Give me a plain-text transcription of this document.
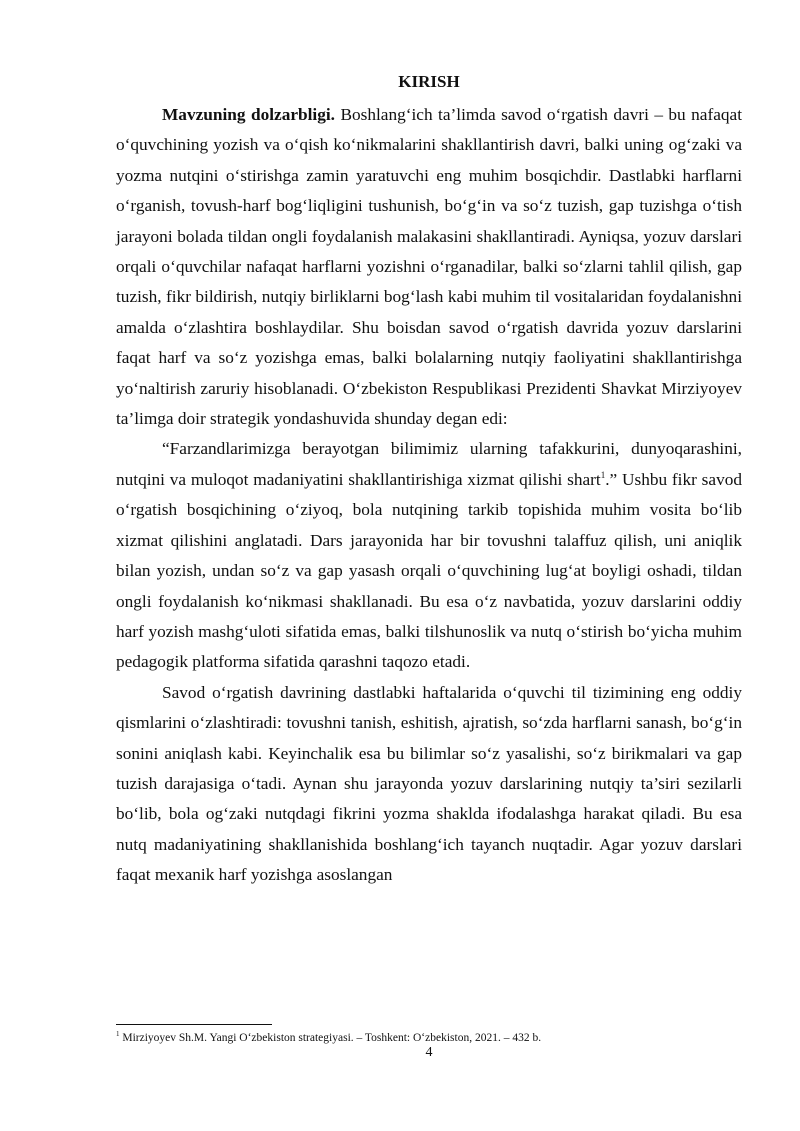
KIRISH

Mavzuning dolzarbligi. Boshlang‘ich ta’limda savod o‘rgatish davri – bu nafaqat o‘quvchining yozish va o‘qish ko‘nikmalarini shakllantirish davri, balki uning og‘zaki va yozma nutqini o‘stirishga zamin yaratuvchi eng muhim bosqichdir. Dastlabki harflarni o‘rganish, tovush-harf bog‘liqligini tushunish, bo‘g‘in va so‘z tuzish, gap tuzishga o‘tish jarayoni bolada tildan ongli foydalanish malakasini shakllantiradi. Ayniqsa, yozuv darslari orqali o‘quvchilar nafaqat harflarni yozishni o‘rganadilar, balki so‘zlarni tahlil qilish, gap tuzish, fikr bildirish, nutqiy birliklarni bog‘lash kabi muhim til vositalaridan foydalanishni amalda o‘zlashtira boshlaydilar. Shu boisdan savod o‘rgatish davrida yozuv darslarini faqat harf va so‘z yozishga emas, balki bolalarning nutqiy faoliyatini shakllantirishga yo‘naltirish zaruriy hisoblanadi. O‘zbekiston Respublikasi Prezidenti Shavkat Mirziyoyev ta’limga doir strategik yondashuvida shunday degan edi:

“Farzandlarimizga berayotgan bilimimiz ularning tafakkurini, dunyoqarashini, nutqini va muloqot madaniyatini shakllantirishiga xizmat qilishi shart$^1$.” Ushbu fikr savod o‘rgatish bosqichining o‘ziyoq, bola nutqining tarkib topishida muhim vosita bo‘lib xizmat qilishini anglatadi. Dars jarayonida har bir tovushni talaffuz qilish, uni aniqlik bilan yozish, undan so‘z va gap yasash orqali o‘quvchining lug‘at boyligi oshadi, tildan ongli foydalanish ko‘nikmasi shakllanadi. Bu esa o‘z navbatida, yozuv darslarini oddiy harf yozish mashg‘uloti sifatida emas, balki tilshunoslik va nutq o‘stirish bo‘yicha muhim pedagogik platforma sifatida qarashni taqozo etadi.

Savod o‘rgatish davrining dastlabki haftalarida o‘quvchi til tizimining eng oddiy qismlarini o‘zlashtiradi: tovushni tanish, eshitish, ajratish, so‘zda harflarni sanash, bo‘g‘in sonini aniqlash kabi. Keyinchalik esa bu bilimlar so‘z yasalishi, so‘z birikmalari va gap tuzish darajasiga o‘tadi. Aynan shu jarayonda yozuv darslarining nutqiy ta’siri sezilarli bo‘lib, bola og‘zaki nutqdagi fikrini yozma shaklda ifodalashga harakat qiladi. Bu esa nutq madaniyatining shakllanishida boshlang‘ich tayanch nuqtadir. Agar yozuv darslari faqat mexanik harf yozishga asoslangan

$^1$ Mirziyoyev Sh.M. Yangi O‘zbekiston strategiyasi. – Toshkent: O‘zbekiston, 2021. – 432 b.
4
